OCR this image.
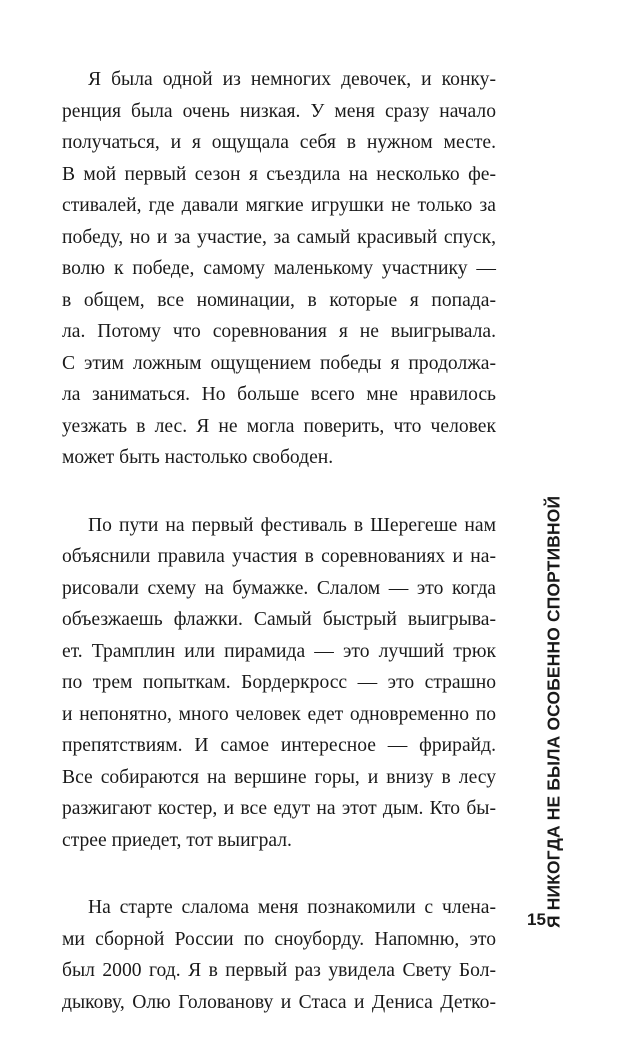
Я была одной из немногих девочек, и конку-
ренция была очень низкая. У меня сразу начало
получаться, и я ощущала себя в нужном месте.
В мой первый сезон я съездила на несколько фе-
стивалей, где давали мягкие игрушки не только за
победу, но и за участие, за самый красивый спуск,
волю к победе, самому маленькому участнику —
в общем, все номинации, в которые я попада-
ла. Потому что соревнования я не выигрывала.
С этим ложным ощущением победы я продолжа-
ла заниматься. Но больше всего мне нравилось
уезжать в лес. Я не могла поверить, что человек
может быть настолько свободен.

По пути на первый фестиваль в Шерегеше нам
объяснили правила участия в соревнованиях и на-
рисовали схему на бумажке. Слалом — это когда
объезжаешь флажки. Самый быстрый выигрыва-
ет. Трамплин или пирамида — это лучший трюк
по трем попыткам. Бордеркросс — это страшно
и непонятно, много человек едет одновременно по
препятствиям. И самое интересное — фрирайд.
Все собираются на вершине горы, и внизу в лесу
разжигают костер, и все едут на этот дым. Кто бы-
стрее приедет, тот выиграл.

На старте слалома меня познакомили с члена-
ми сборной России по сноуборду. Напомню, это
был 2000 год. Я в первый раз увидела Свету Бол-
дыкову, Олю Голованову и Стаса и Дениса Детко-

Я НИКОГДА НЕ БЫЛА ОСОБЕННО СПОРТИВНОЙ
15
